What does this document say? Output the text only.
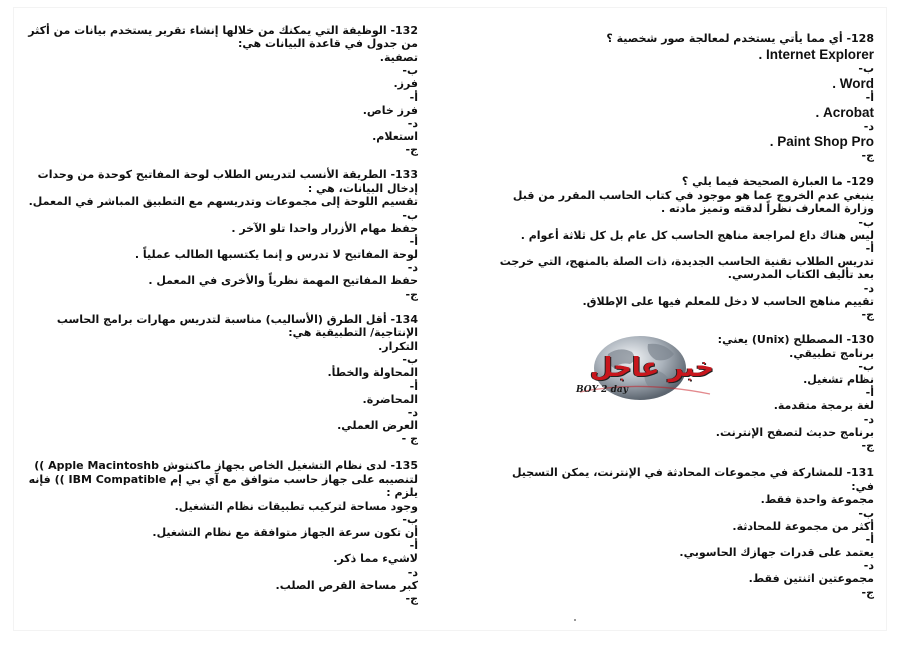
128- أي مما يأتي يستخدم لمعالجة صور شخصية ؟
Internet Explorer .
ب-
Word .
أ-
Acrobat .
د-
Paint Shop Pro .
ج-
129- ما العبارة الصحيحة فيما يلي ؟
ينبغي عدم الخروج عما هو موجود في كتاب الحاسب المقرر من قبل وزارة المعارف نظراً لدقته وتميز مادته .
ب-
ليس هناك داع لمراجعة مناهج الحاسب كل عام بل كل ثلاثة أعوام .
أ-
تدريس الطلاب تقنية الحاسب الجديدة، ذات الصلة بالمنهج، التي خرجت بعد تأليف الكتاب المدرسي.
د-
تقييم مناهج الحاسب لا دخل للمعلم فيها على الإطلاق.
ج-
130- المصطلح (Unix) يعني:
برنامج تطبيقي.
ب-
نظام تشغيل.
أ-
لغة برمجة متقدمة.
د-
برنامج حديث لتصفح الإنترنت.
ج-
131- للمشاركة في مجموعات المحادثة في الإنترنت، يمكن التسجيل في:
مجموعة واحدة فقط.
ب-
أكثر من مجموعة للمحادثة.
أ-
يعتمد على قدرات جهازك الحاسوبي.
د-
مجموعتين اثنتين فقط.
ج-
132- الوظيفة التي يمكنك من خلالها إنشاء تقرير يستخدم بيانات من أكثر من جدول في قاعدة البيانات هي:
تصفية.
ب-
فرز.
أ-
فرز خاص.
د-
استعلام.
ج-
133- الطريقة الأنسب لتدريس الطلاب لوحة المفاتيح كوحدة من وحدات إدخال البيانات، هي :
تقسيم اللوحة إلى مجموعات وتدريسهم مع التطبيق المباشر في المعمل.
ب-
حفظ مهام الأزرار واحدا تلو الآخر .
أ-
لوحة المفاتيح لا تدرس و إنما يكتسبها الطالب عملياً .
د-
حفظ المفاتيح المهمة نظرياً والأخرى في المعمل .
ج-
134- أقل الطرق (الأساليب) مناسبة لتدريس مهارات برامج الحاسب الإنتاجية/ التطبيقية هي:
التكرار.
ب-
المحاولة والخطأ.
أ-
المحاضرة.
د-
العرض العملي.
ج -
135- لدى نظام التشغيل الخاص بجهاز ماكنتوش Apple Macintoshb )) لتنصيبه على جهاز حاسب متوافق مع آي بي إم IBM Compatible )) فإنه يلزم :
وجود مساحة لتركيب تطبيقات نظام التشغيل.
ب-
أن تكون سرعة الجهاز متوافقة مع نظام التشغيل.
أ-
لاشيء مما ذكر.
د-
كبر مساحة القرص الصلب.
ج-
خبر عاجل
BOY 2 day
